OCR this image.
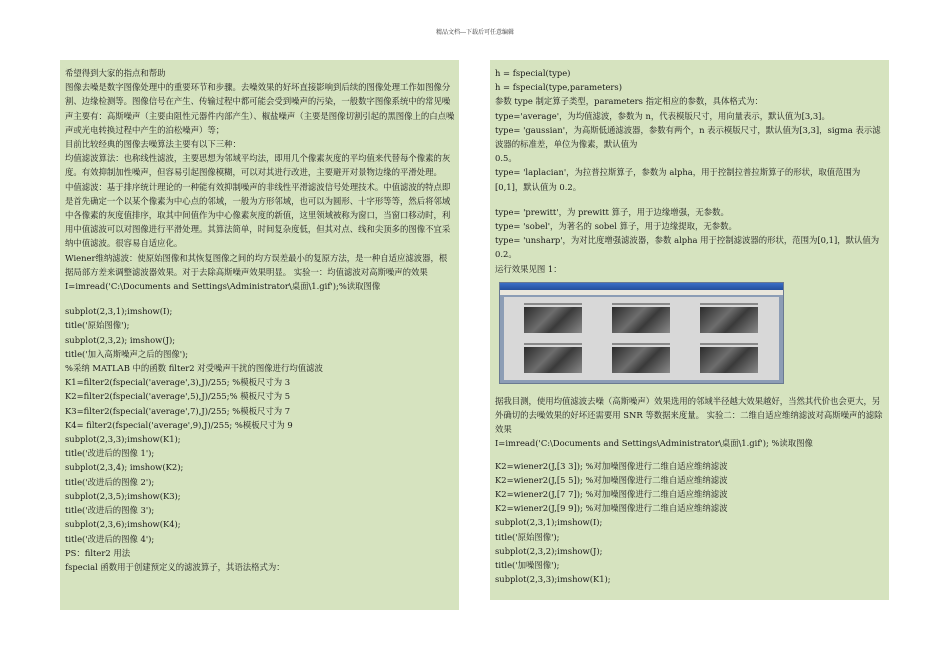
精品文档---下载后可任意编辑
希望得到大家的指点和帮助
图像去噪是数字图像处理中的重要环节和步骤。去噪效果的好坏直接影响到后续的图像处理工作如图像分割、边缘检测等。图像信号在产生、传输过程中都可能会受到噪声的污染，一般数字图像系统中的常见噪声主要有：高斯噪声（主要由阻性元器件内部产生）、椒盐噪声（主要是图像切割引起的黑图像上的白点噪声或光电转换过程中产生的泊松噪声）等；
目前比较经典的图像去噪算法主要有以下三种：
均值滤波算法：也称线性滤波，主要思想为邻域平均法，即用几个像素灰度的平均值来代替每个像素的灰度。有效抑制加性噪声，但容易引起图像模糊，可以对其进行改进，主要避开对景物边缘的平滑处理。
中值滤波：基于排序统计理论的一种能有效抑制噪声的非线性平滑滤波信号处理技术。中值滤波的特点即是首先确定一个以某个像素为中心点的邻域，一般为方形邻域，也可以为圆形、十字形等等，然后将邻域中各像素的灰度值排序，取其中间值作为中心像素灰度的新值，这里领域被称为窗口，当窗口移动时，利用中值滤波可以对图像进行平滑处理。其算法简单，时间复杂度低，但其对点、线和尖顶多的图像不宜采纳中值滤波。很容易自适应化。
Wiener维纳滤波：使原始图像和其恢复图像之间的均方误差最小的复原方法，是一种自适应滤波器，根据局部方差来调整滤波器效果。对于去除高斯噪声效果明显。 实验一：均值滤波对高斯噪声的效果
I=imread('C:\Documents and Settings\Administrator\桌面\1.gif');%读取图像
subplot(2,3,1);imshow(I);
title('原始图像');
subplot(2,3,2); imshow(J);
title('加入高斯噪声之后的图像');
%采纳 MATLAB 中的函数 filter2 对受噪声干扰的图像进行均值滤波
K1=filter2(fspecial('average',3),J)/255; %模板尺寸为 3
K2=filter2(fspecial('average',5),J)/255;% 模板尺寸为 5
K3=filter2(fspecial('average',7),J)/255; %模板尺寸为 7
K4= filter2(fspecial('average',9),J)/255; %模板尺寸为 9
subplot(2,3,3);imshow(K1);
title('改进后的图像 1');
subplot(2,3,4); imshow(K2);
title('改进后的图像 2');
subplot(2,3,5);imshow(K3);
title('改进后的图像 3');
subplot(2,3,6);imshow(K4);
title('改进后的图像 4');
PS：filter2 用法
fspecial 函数用于创建预定义的滤波算子，其语法格式为：
h = fspecial(type)
h = fspecial(type,parameters)
参数 type 制定算子类型，parameters 指定相应的参数，具体格式为：
type='average'，为均值滤波，参数为 n，代表模版尺寸，用向量表示，默认值为[3,3]。
type= 'gaussian'，为高斯低通滤波器，参数有两个，n 表示模版尺寸，默认值为[3,3]，sigma 表示滤波器的标准差，单位为像素，默认值为
0.5。
type= 'laplacian'，为拉普拉斯算子，参数为 alpha，用于控制拉普拉斯算子的形状，取值范围为[0,1]，默认值为 0.2。
type= 'prewitt'，为 prewitt 算子，用于边缘增强，无参数。
type= 'sobel'，为著名的 sobel 算子，用于边缘提取，无参数。
type= 'unsharp'，为对比度增强滤波器，参数 alpha 用于控制滤波器的形状，范围为[0,1]，默认值为 0.2。
运行效果见图 1：
据我目测，使用均值滤波去噪（高斯噪声）效果选用的邻域半径越大效果越好，当然其代价也会更大，另外确切的去噪效果的好坏还需要用 SNR 等数据来度量。 实验二：二维自适应维纳滤波对高斯噪声的滤除效果
I=imread('C:\Documents and Settings\Administrator\桌面\1.gif'); %读取图像
K2=wiener2(J,[3 3]); %对加噪图像进行二维自适应维纳滤波
K2=wiener2(J,[5 5]); %对加噪图像进行二维自适应维纳滤波
K2=wiener2(J,[7 7]); %对加噪图像进行二维自适应维纳滤波
K2=wiener2(J,[9 9]); %对加噪图像进行二维自适应维纳滤波
subplot(2,3,1);imshow(I);
title('原始图像');
subplot(2,3,2);imshow(J);
title('加噪图像');
subplot(2,3,3);imshow(K1);
